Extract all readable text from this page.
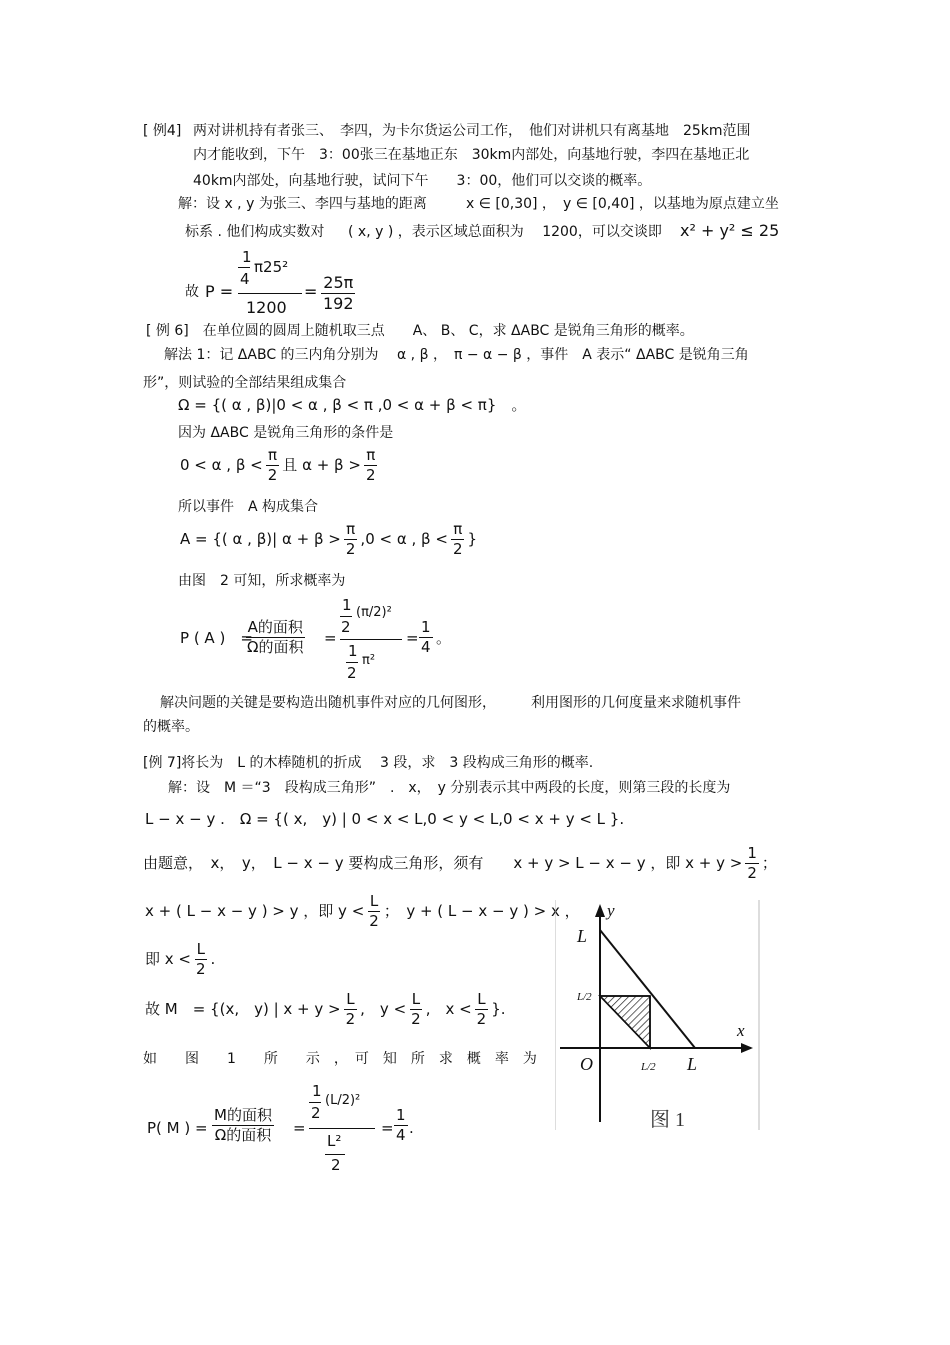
[ 例4] 两对讲机持有者张三、　李四，为卡尔货运公司工作，　他们对讲机只有离基地　25km范围
内才能收到，下午　3：00张三在基地正东　30km内部处，向基地行驶，李四在基地正北
40km内部处，向基地行驶，试问下午　　3：00，他们可以交谈的概率。
解：设 x , y 为张三、李四与基地的距离	x ∈ [0,30] ， y ∈ [0,40] ，以基地为原点建立坐
标系 . 他们构成实数对 ( x, y ) ，表示区域总面积为　 1200，可以交谈即 x² + y² ≤ 25
故 P =
1
4
π25²
1200
= $\frac{25\pi}{192}$
[ 例 6]　在单位圆的圆周上随机取三点　　A、 B、 C，求 ΔABC 是锐角三角形的概率。
解法 1：记 ΔABC 的三内角分别为 　α , β ，　π − α − β ，事件　A 表示“ ΔABC 是锐角三角
形”，则试验的全部结果组成集合
Ω = {( α , β)|0 < α , β < π ,0 < α + β < π}　。
因为 ΔABC 是锐角三角形的条件是
0 < α , $\beta < \frac{\pi}{2}$ 且 $\alpha + \beta > \frac{\pi}{2}$
所以事件　A 构成集合
A = {( α , β)| $\alpha + \beta > \frac{\pi}{2} ,0 < \alpha$ , $\beta < \frac{\pi}{2}$ }
由图　2 可知，所求概率为
P ( A )　=
A的面积
Ω的面积 =
1
2
(π/2)²
1
2
π²
= $\frac{1}{4}$ 。
解决问题的关键是要构造出随机事件对应的几何图形，　　　利用图形的几何度量来求随机事件
的概率。
[例 7]将长为　L 的木棒随机的折成　 3 段，求　3 段构成三角形的概率.
解：设　M ＝“3　段构成三角形”　.　x，　y 分别表示其中两段的长度，则第三段的长度为
L − x − y .　Ω = {( x,　y) | 0 < x < L,0 < y < L,0 < x + y < L }.
由题意，　x，　y，　L − x − y 要构成三角形，须有　　x + y > L − x − y ，即 $x + y > \frac{1}{2}$ ；
x + ( L − x − y ) > y ，即 $y < \frac{L}{2}$ ；　y + ( L − x − y ) > x ，
即 $x < \frac{L}{2}$ .
故 M　= {(x,　y) | $x + y > \frac{L}{2}$ ,　$y < \frac{L}{2}$ ,　$x < \frac{L}{2}$ }.
如　　图　　1　　所　　示　，　可　知　所　求　概　率　为
P( M ) =
M的面积
Ω的面积 =
1
2
(L/2)²
L²
2
= $\frac{1}{4}$ .
y
x
O
L
L
L/2
L/2
图 1
